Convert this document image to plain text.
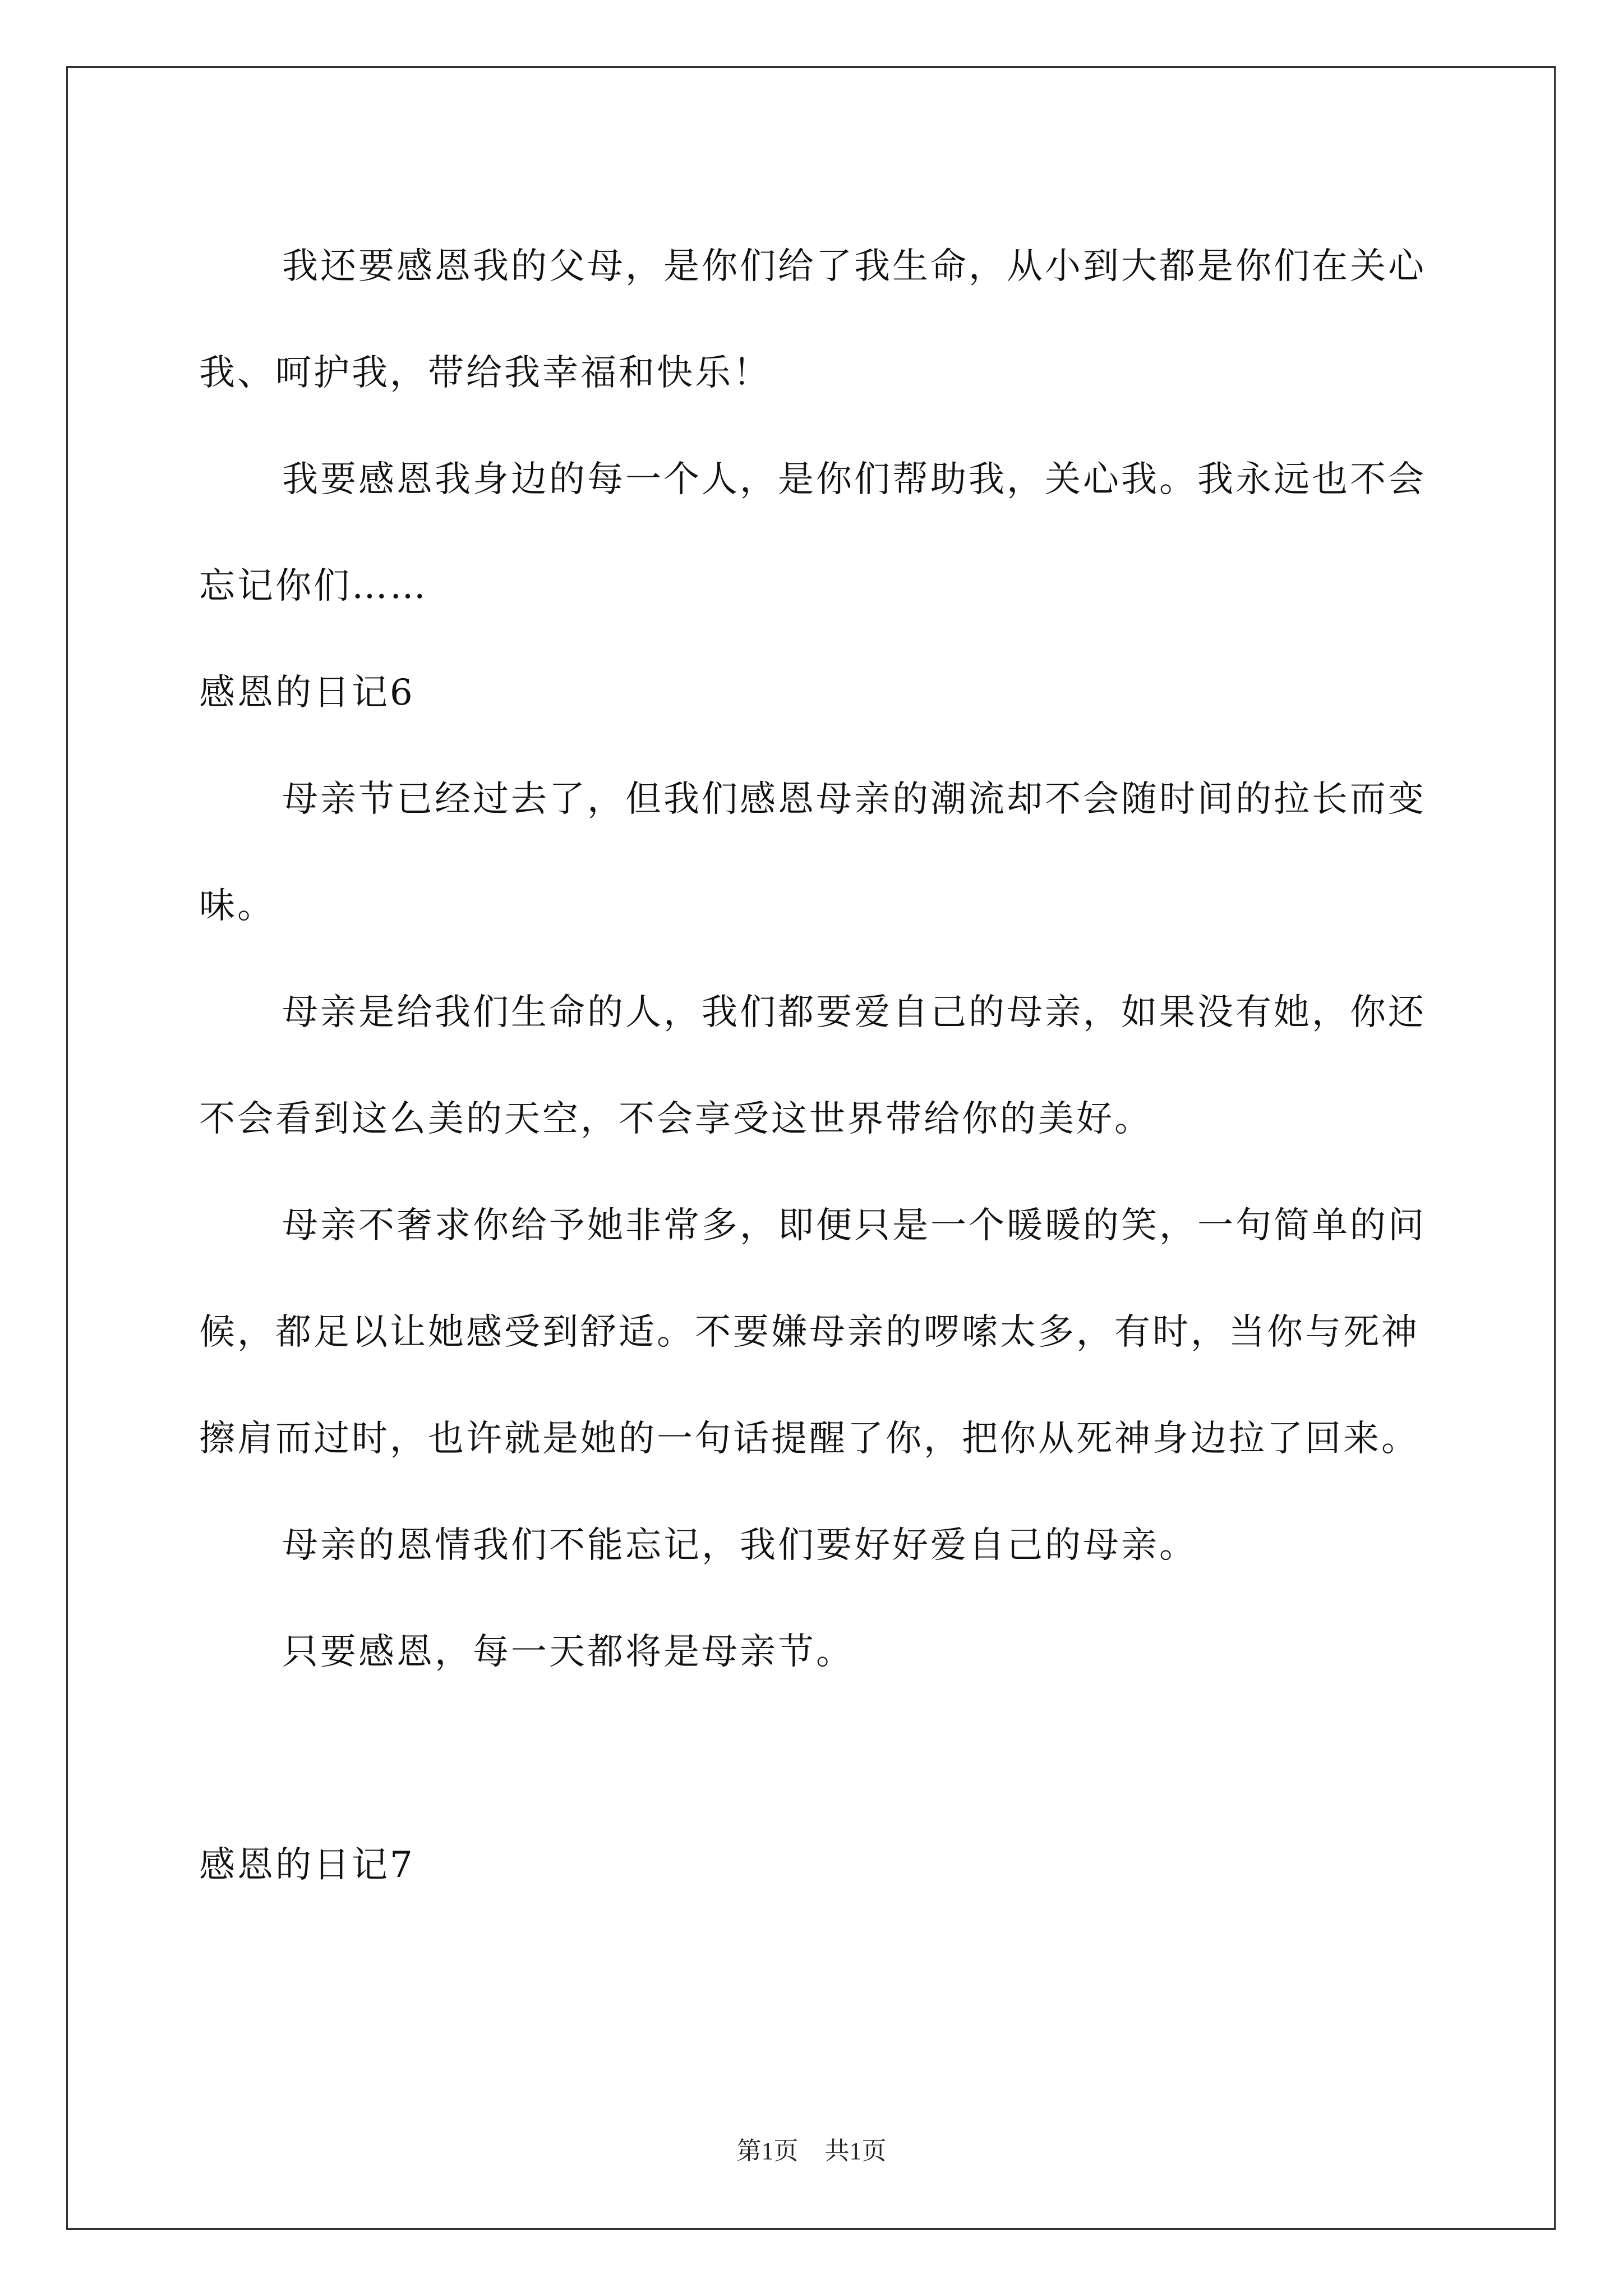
我还要感恩我的父母，是你们给了我生命，从小到大都是你们在关心我、呵护我，带给我幸福和快乐！

我要感恩我身边的每一个人，是你们帮助我，关心我。我永远也不会忘记你们……

感恩的日记6

母亲节已经过去了，但我们感恩母亲的潮流却不会随时间的拉长而变味。

母亲是给我们生命的人，我们都要爱自己的母亲，如果没有她，你还不会看到这么美的天空，不会享受这世界带给你的美好。

母亲不奢求你给予她非常多，即便只是一个暖暖的笑，一句简单的问候，都足以让她感受到舒适。不要嫌母亲的啰嗦太多，有时，当你与死神擦肩而过时，也许就是她的一句话提醒了你，把你从死神身边拉了回来。

母亲的恩情我们不能忘记，我们要好好爱自己的母亲。

只要感恩，每一天都将是母亲节。

感恩的日记7

第1页 共1页
